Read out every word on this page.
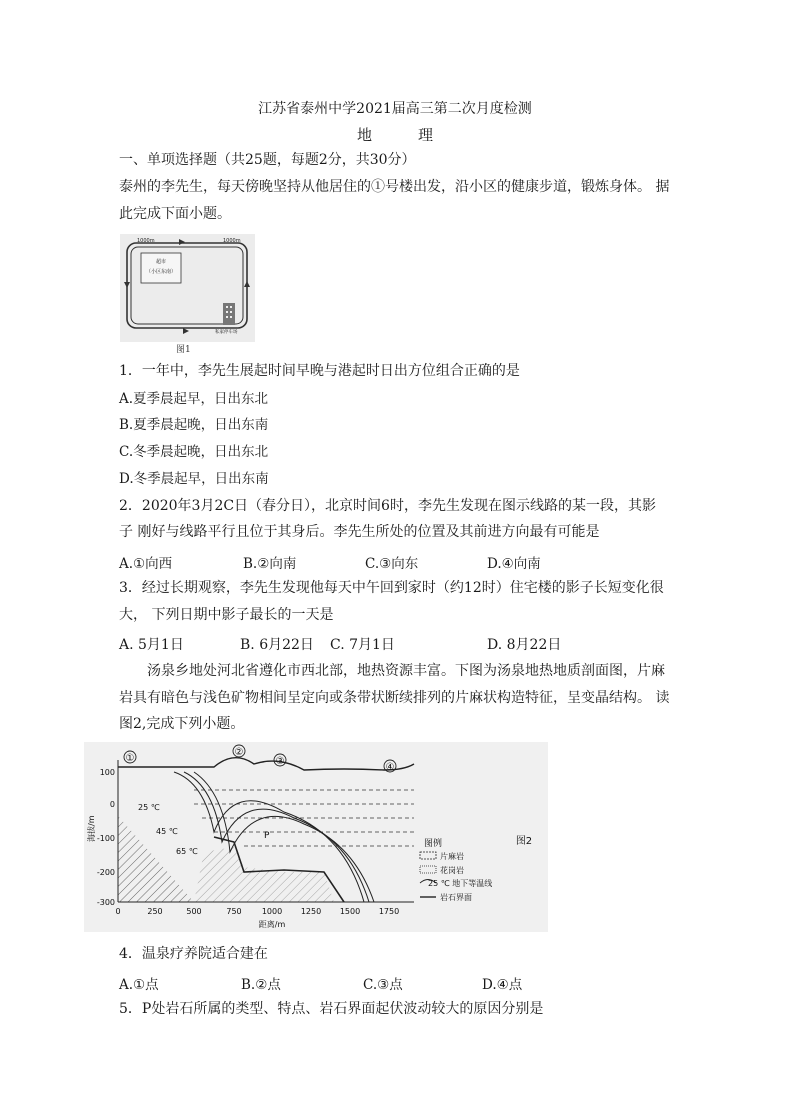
江苏省泰州中学2021届高三第二次月度检测
地	理
一、单项选择题（共25题，每题2分，共30分）
泰州的李先生，每天傍晚坚持从他居住的①号楼出发，沿小区的健康步道，锻炼身体。 据
此完成下面小题。
超市
（小区东南）
1000m	1000m
私家停车场
图1
1．一年中，李先生展起时间早晚与港起时日出方位组合正确的是
A.夏季晨起早，日出东北
B.夏季晨起晚，日出东南
C.冬季晨起晚，日出东北
D.冬季晨起早，日出东南
2．2020年3月2C日（春分日），北京时间6时，李先生发现在图示线路的某一段，其影
子 刚好与线路平行且位于其身后。李先生所处的位置及其前进方向最有可能是
A.①向西	B.②向南	C.③向东	D.④向南
3．经过长期观察，李先生发现他每天中午回到家时（约12时）住宅楼的影子长短变化很
大， 下列日期中影子最长的一天是
A. 5月1日	B. 6月22日 C. 7月1日	D. 8月22日
汤泉乡地处河北省遵化市西北部，地热资源丰富。下图为汤泉地热地质剖面图，片麻
岩具有暗色与浅色矿物相间呈定向或条带状断续排列的片麻状构造特征，呈变晶结构。 读
图2,完成下列小题。
①
②
③
④
P
25 ℃
45 ℃
65 ℃
100
0
-100
-200
-300
海拔/m
0	250	500	750	1000 1250 1500 1750
距离/m
图例
片麻岩
花岗岩
25 ℃ 地下等温线
岩石界面
图2
4．温泉疗养院适合建在
A.①点	B.②点	C.③点	D.④点
5．P处岩石所属的类型、特点、岩石界面起伏波动较大的原因分别是
